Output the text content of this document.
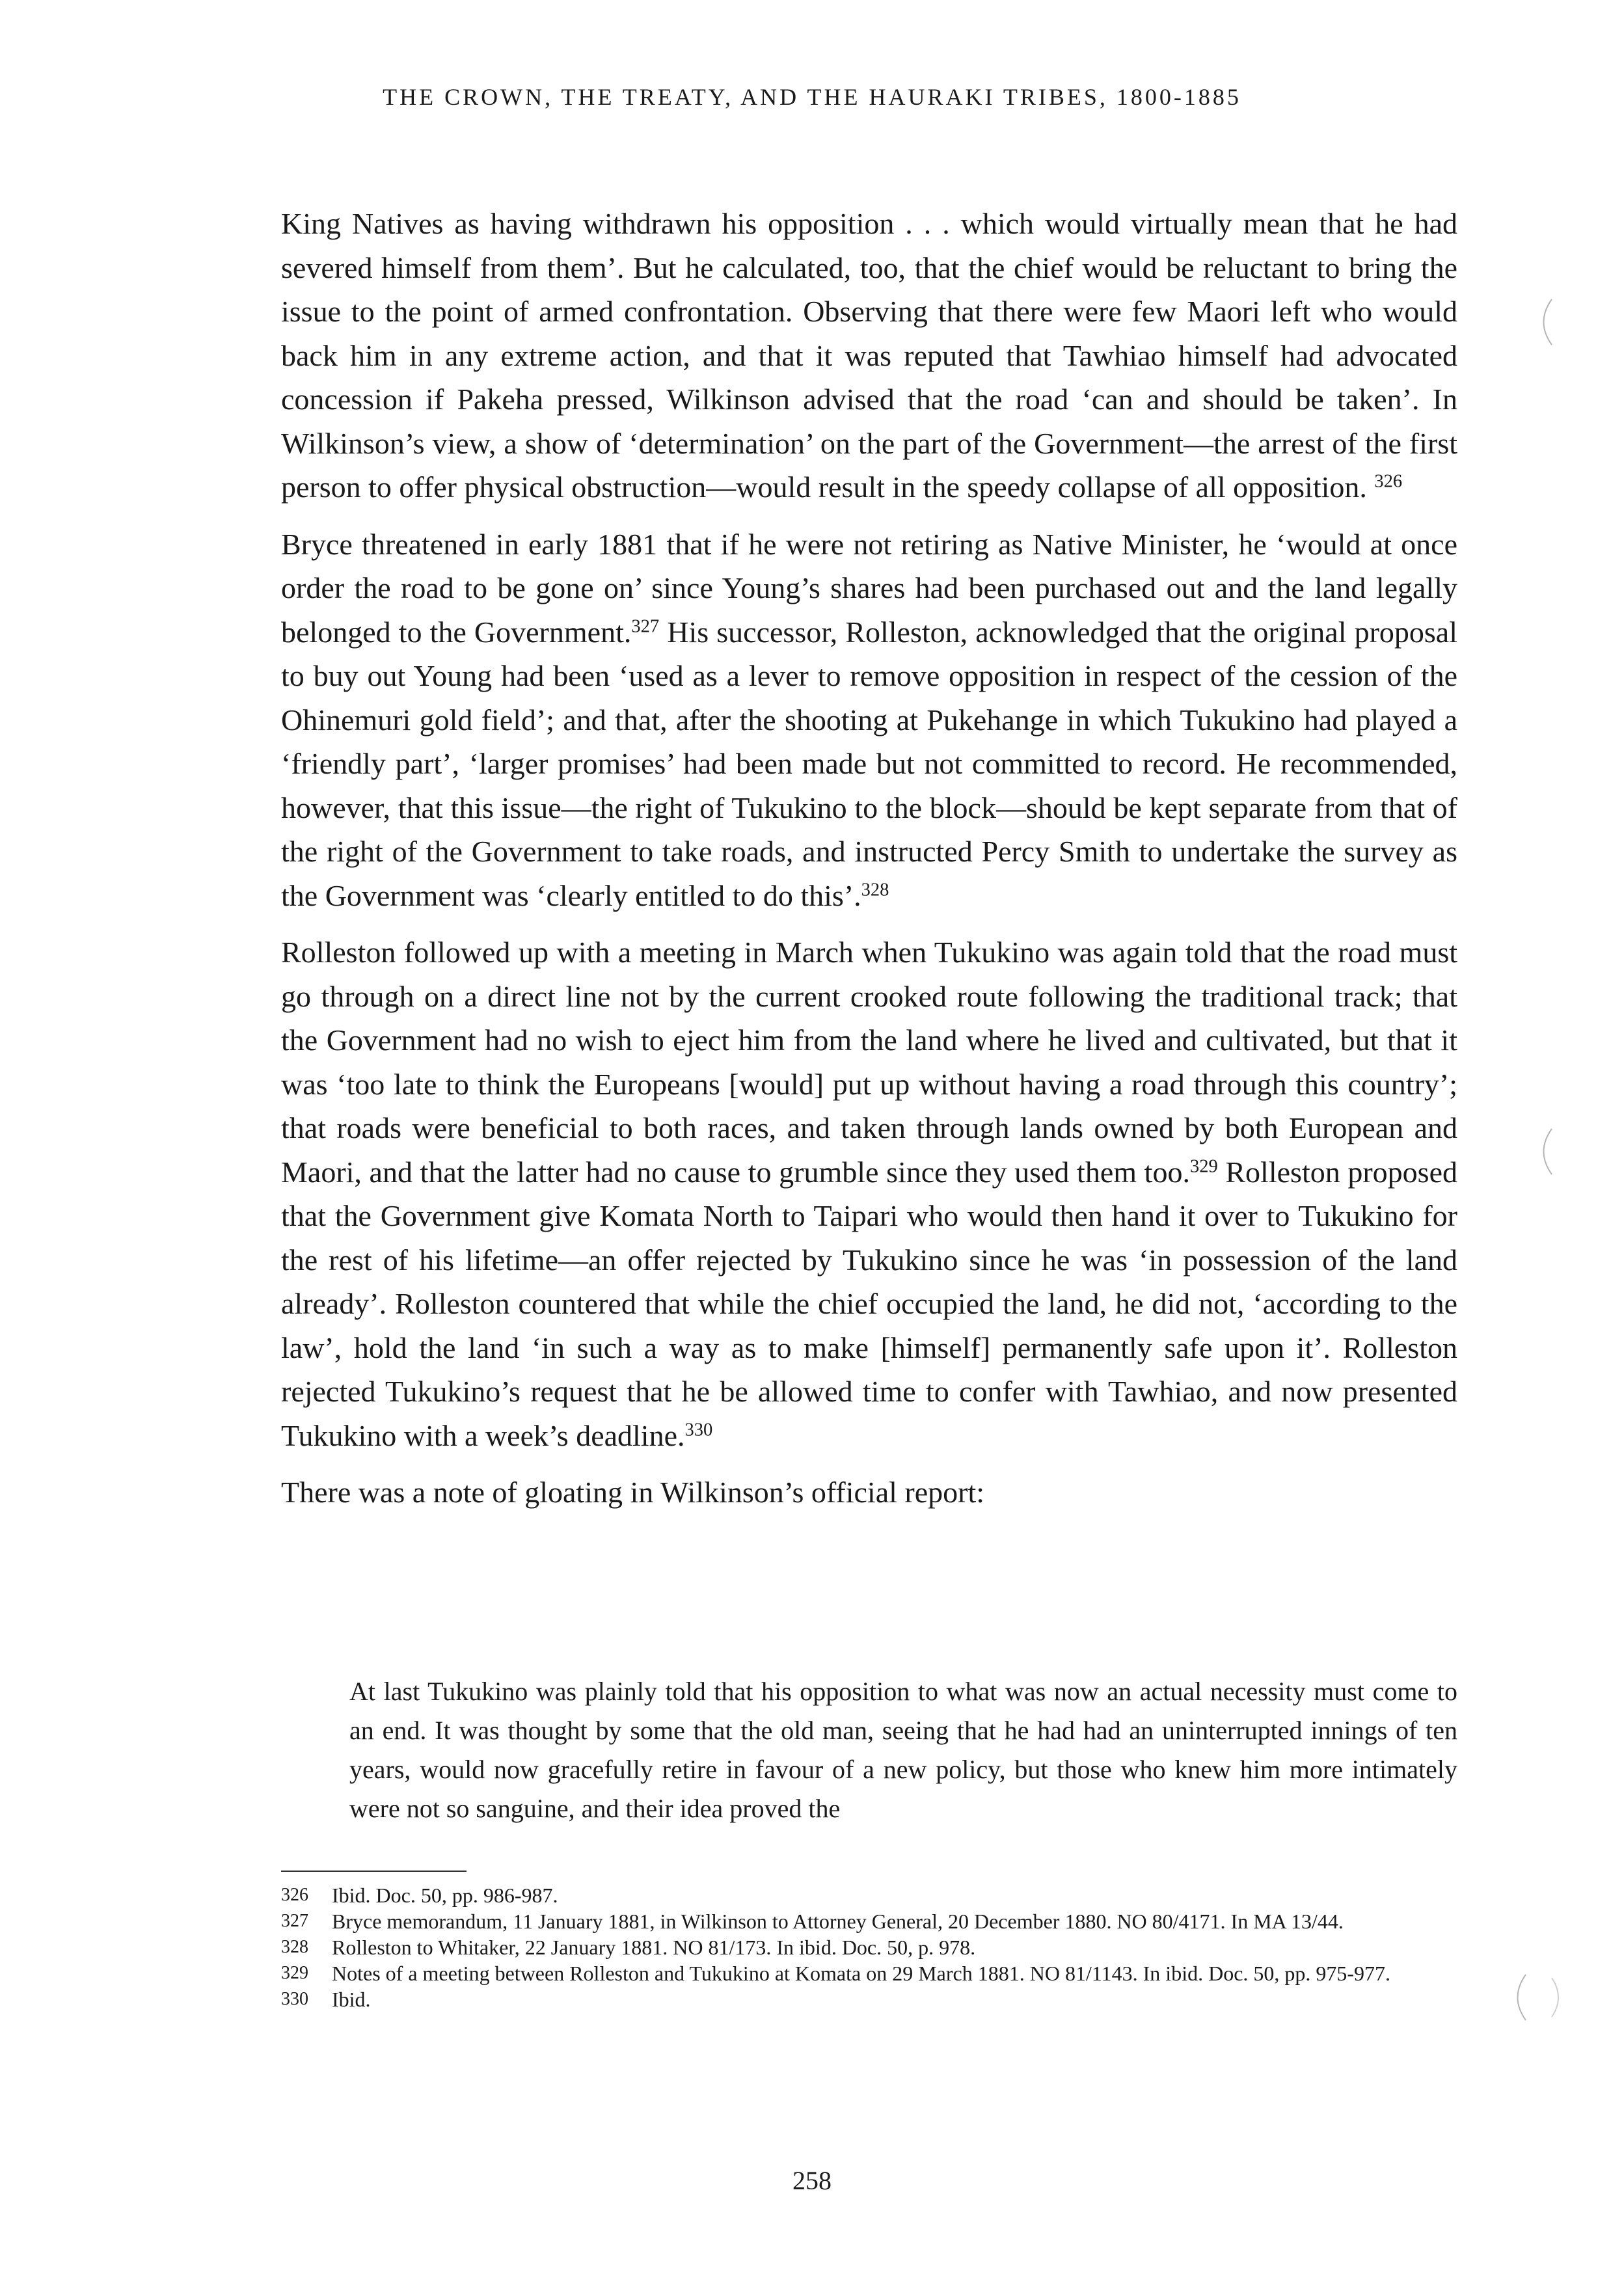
THE CROWN, THE TREATY, AND THE HAURAKI TRIBES, 1800-1885

King Natives as having withdrawn his opposition . . . which would virtually mean that he had severed himself from them’. But he calculated, too, that the chief would be reluctant to bring the issue to the point of armed confrontation. Observing that there were few Maori left who would back him in any extreme action, and that it was reputed that Tawhiao himself had advocated concession if Pakeha pressed, Wilkinson advised that the road ‘can and should be taken’. In Wilkinson’s view, a show of ‘determination’ on the part of the Government—the arrest of the first person to offer physical obstruction—would result in the speedy collapse of all opposition. $^{326}$

Bryce threatened in early 1881 that if he were not retiring as Native Minister, he ‘would at once order the road to be gone on’ since Young’s shares had been purchased out and the land legally belonged to the Government.$^{327}$ His successor, Rolleston, acknowledged that the original proposal to buy out Young had been ‘used as a lever to remove opposition in respect of the cession of the Ohinemuri gold field’; and that, after the shooting at Pukehange in which Tukukino had played a ‘friendly part’, ‘larger promises’ had been made but not committed to record. He recommended, however, that this issue—the right of Tukukino to the block—should be kept separate from that of the right of the Government to take roads, and instructed Percy Smith to undertake the survey as the Government was ‘clearly entitled to do this’.$^{328}$

Rolleston followed up with a meeting in March when Tukukino was again told that the road must go through on a direct line not by the current crooked route following the traditional track; that the Government had no wish to eject him from the land where he lived and cultivated, but that it was ‘too late to think the Europeans [would] put up without having a road through this country’; that roads were beneficial to both races, and taken through lands owned by both European and Maori, and that the latter had no cause to grumble since they used them too.$^{329}$ Rolleston proposed that the Government give Komata North to Taipari who would then hand it over to Tukukino for the rest of his lifetime—an offer rejected by Tukukino since he was ‘in possession of the land already’. Rolleston countered that while the chief occupied the land, he did not, ‘according to the law’, hold the land ‘in such a way as to make [himself] permanently safe upon it’. Rolleston rejected Tukukino’s request that he be allowed time to confer with Tawhiao, and now presented Tukukino with a week’s deadline.$^{330}$

There was a note of gloating in Wilkinson’s official report:

At last Tukukino was plainly told that his opposition to what was now an actual necessity must come to an end. It was thought by some that the old man, seeing that he had had an uninterrupted innings of ten years, would now gracefully retire in favour of a new policy, but those who knew him more intimately were not so sanguine, and their idea proved the
326	Ibid. Doc. 50, pp. 986-987.
327	Bryce memorandum, 11 January 1881, in Wilkinson to Attorney General, 20 December 1880. NO 80/4171. In MA 13/44.
328	Rolleston to Whitaker, 22 January 1881. NO 81/173. In ibid. Doc. 50, p. 978.
329	Notes of a meeting between Rolleston and Tukukino at Komata on 29 March 1881. NO 81/1143. In ibid. Doc. 50, pp. 975-977.
330	Ibid.
258
